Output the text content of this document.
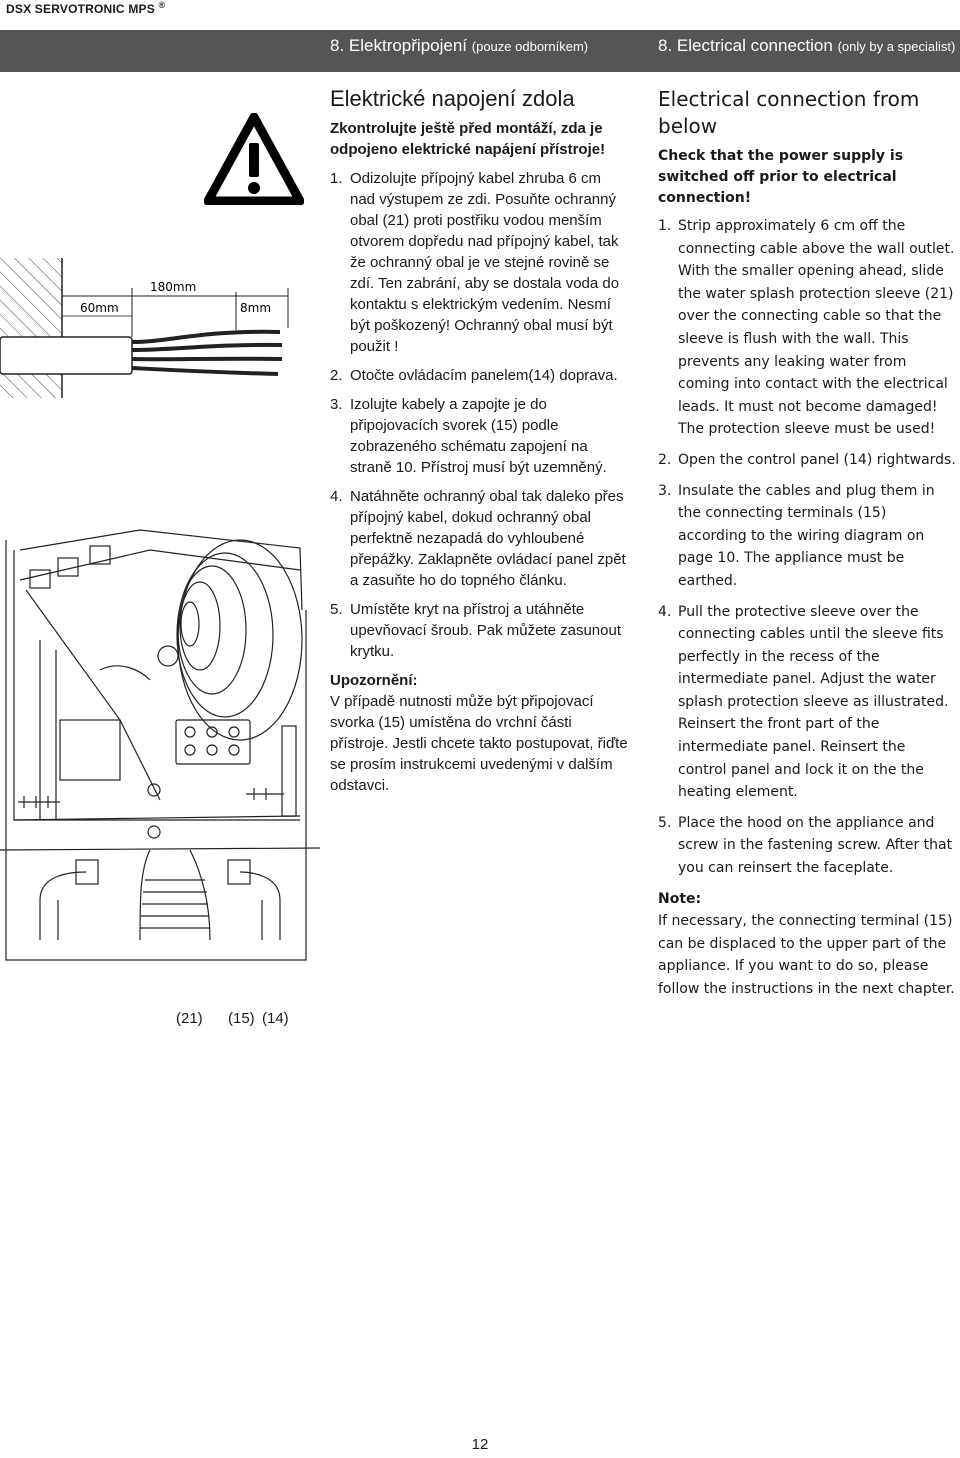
DSX SERVOTRONIC MPS ®
8. Elektropřipojení (pouze odborníkem)	8. Electrical connection (only by a specialist)
60mm
180mm
8mm
(21) (15) (14)
Elektrické napojení zdola

Zkontrolujte ještě před montáží, zda je odpojeno elektrické napájení přístroje!

1. Odizolujte přípojný kabel zhruba 6 cm nad výstupem ze zdi. Posuňte ochranný obal (21) proti postřiku vodou menším otvorem dopředu nad přípojný kabel, tak že ochranný obal je ve stejné rovině se zdí. Ten zabrání, aby se dostala voda do kontaktu s elektrickým vedením. Nesmí být poškozený! Ochranný obal musí být použit !
2. Otočte ovládacím panelem(14) doprava.
3. Izolujte kabely a zapojte je do připojovacích svorek (15) podle zobrazeného schématu zapojení na straně 10. Přístroj musí být uzemněný.
4. Natáhněte ochranný obal tak daleko přes přípojný kabel, dokud ochranný obal perfektně nezapadá do vyhloubené přepážky. Zaklapněte ovládací panel zpět a zasuňte ho do topného článku.
5. Umístěte kryt na přístroj a utáhněte upevňovací šroub. Pak můžete zasunout krytku.

Upozornění:

V případě nutnosti může být připojovací svorka (15) umístěna do vrchní části přístroje. Jestli chcete takto postupovat, řiďte se prosím instrukcemi uvedenými v dalším odstavci.

Electrical connection from below

Check that the power supply is switched off prior to electrical connection!

1. Strip approximately 6 cm off the connecting cable above the wall outlet. With the smaller opening ahead, slide the water splash protection sleeve (21) over the connecting cable so that the sleeve is flush with the wall. This prevents any leaking water from coming into contact with the electrical leads. It must not become damaged! The protection sleeve must be used!
2. Open the control panel (14) rightwards.
3. Insulate the cables and plug them in the connecting terminals (15) according to the wiring diagram on page 10. The appliance must be earthed.
4. Pull the protective sleeve over the connecting cables until the sleeve fits perfectly in the recess of the intermediate panel. Adjust the water splash protection sleeve as illustrated. Reinsert the front part of the intermediate panel. Reinsert the control panel and lock it on the the heating element.
5. Place the hood on the appliance and screw in the fastening screw. After that you can reinsert the faceplate.

Note:

If necessary, the connecting terminal (15) can be displaced to the upper part of the appliance. If you want to do so, please follow the instructions in the next chapter.

12
